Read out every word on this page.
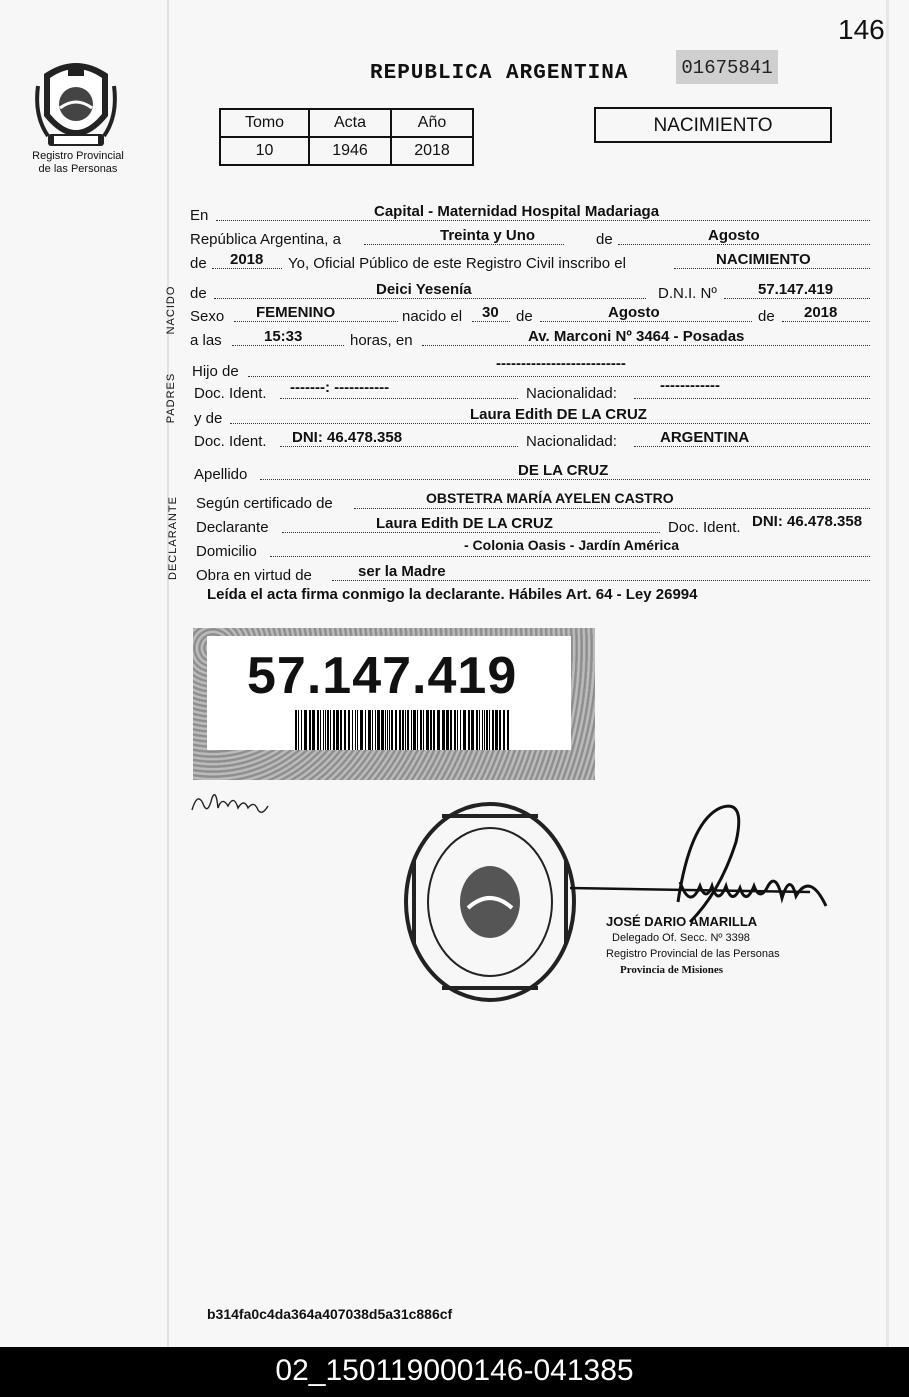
146
Registro Provincial
de las Personas
REPUBLICA ARGENTINA	01675841
Tomo	Acta	Año
10	1946	2018
NACIMIENTO
NACIDO
PADRES
DECLARANTE
En	Capital - Maternidad Hospital Madariaga
República Argentina, a	Treinta y Uno	de	Agosto
de 2018 Yo, Oficial Público de este Registro Civil inscribo el	NACIMIENTO
de	Deici Yesenía	D.N.I. Nº	57.147.419
Sexo FEMENINO	nacido el 30 de	Agosto	de 2018
a las	15:33	horas, en	Av. Marconi Nº 3464 - Posadas
Hijo de	--------------------------
Doc. Ident. -------: -----------	Nacionalidad:	------------
y de	Laura Edith DE LA CRUZ
Doc. Ident. DNI: 46.478.358	Nacionalidad:	ARGENTINA
Apellido	DE LA CRUZ
Según certificado de	OBSTETRA MARÍA AYELEN CASTRO
Declarante	Laura Edith DE LA CRUZ	Doc. Ident. DNI: 46.478.358
Domicilio	- Colonia Oasis - Jardín América
Obra en virtud de	ser la Madre
Leída el acta firma conmigo la declarante. Hábiles Art. 64 - Ley 26994
57.147.419
JOSÉ DARIO AMARILLA
Delegado Of. Secc. Nº 3398
Registro Provincial de las Personas
Provincia de Misiones
b314fa0c4da364a407038d5a31c886cf
02_150119000146-041385
